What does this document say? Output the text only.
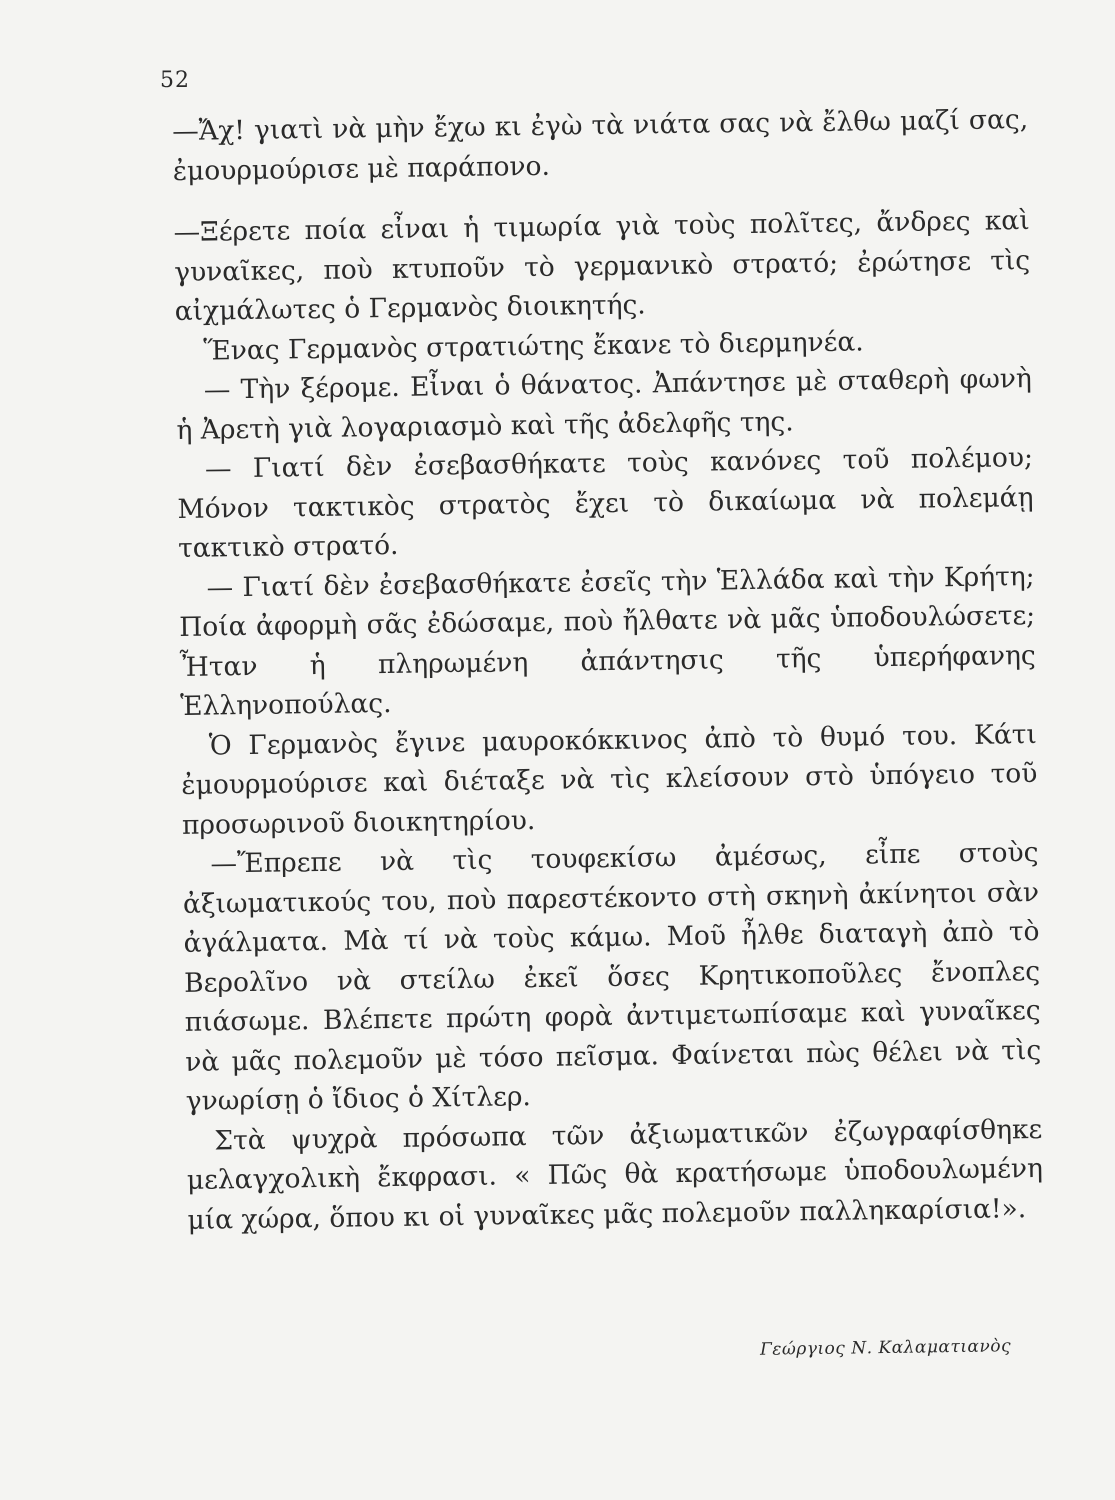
52

—Ἄχ! γιατὶ νὰ μὴν ἔχω κι ἐγὼ τὰ νιάτα σας νὰ ἔλθω μαζί σας, ἐμουρμούρισε μὲ παράπονο.

—Ξέρετε ποία εἶναι ἡ τιμωρία γιὰ τοὺς πολῖτες, ἄνδρες καὶ γυναῖκες, ποὺ κτυποῦν τὸ γερμανικὸ στρατό; ἐρώτησε τὶς αἰχμάλωτες ὁ Γερμανὸς διοικητής.

Ἕνας Γερμανὸς στρατιώτης ἔκανε τὸ διερμηνέα.

— Τὴν ξέρομε. Εἶναι ὁ θάνατος. Ἀπάντησε μὲ σταθερὴ φωνὴ ἡ Ἀρετὴ γιὰ λογαριασμὸ καὶ τῆς ἀδελφῆς της.

— Γιατί δὲν ἐσεβασθήκατε τοὺς κανόνες τοῦ πολέμου; Μόνον τακτικὸς στρατὸς ἔχει τὸ δικαίωμα νὰ πολεμάῃ τακτικὸ στρατό.

— Γιατί δὲν ἐσεβασθήκατε ἐσεῖς τὴν Ἑλλάδα καὶ τὴν Κρήτη; Ποία ἀφορμὴ σᾶς ἐδώσαμε, ποὺ ἤλθατε νὰ μᾶς ὑποδουλώσετε; Ἦταν ἡ πληρωμένη ἀπάντησις τῆς ὑπερήφανης Ἑλληνοπούλας.

Ὁ Γερμανὸς ἔγινε μαυροκόκκινος ἀπὸ τὸ θυμό του. Κάτι ἐμουρμούρισε καὶ διέταξε νὰ τὶς κλείσουν στὸ ὑπόγειο τοῦ προσωρινοῦ διοικητηρίου.

—Ἔπρεπε νὰ τὶς τουφεκίσω ἀμέσως, εἶπε στοὺς ἀξιωματικούς του, ποὺ παρεστέκοντο στὴ σκηνὴ ἀκίνητοι σὰν ἀγάλματα. Μὰ τί νὰ τοὺς κάμω. Μοῦ ἦλθε διαταγὴ ἀπὸ τὸ Βερολῖνο νὰ στείλω ἐκεῖ ὅσες Κρητικοποῦλες ἔνοπλες πιάσωμε. Βλέπετε πρώτη φορὰ ἀντιμετωπίσαμε καὶ γυναῖκες νὰ μᾶς πολεμοῦν μὲ τόσο πεῖσμα. Φαίνεται πὼς θέλει νὰ τὶς γνωρίσῃ ὁ ἴδιος ὁ Χίτλερ.

Στὰ ψυχρὰ πρόσωπα τῶν ἀξιωματικῶν ἐζωγραφίσθηκε μελαγχολικὴ ἔκφρασι. « Πῶς θὰ κρατήσωμε ὑποδουλωμένη μία χώρα, ὅπου κι οἱ γυναῖκες μᾶς πολεμοῦν παλληκαρίσια!».

Γεώργιος Ν. Καλαματιανὸς
